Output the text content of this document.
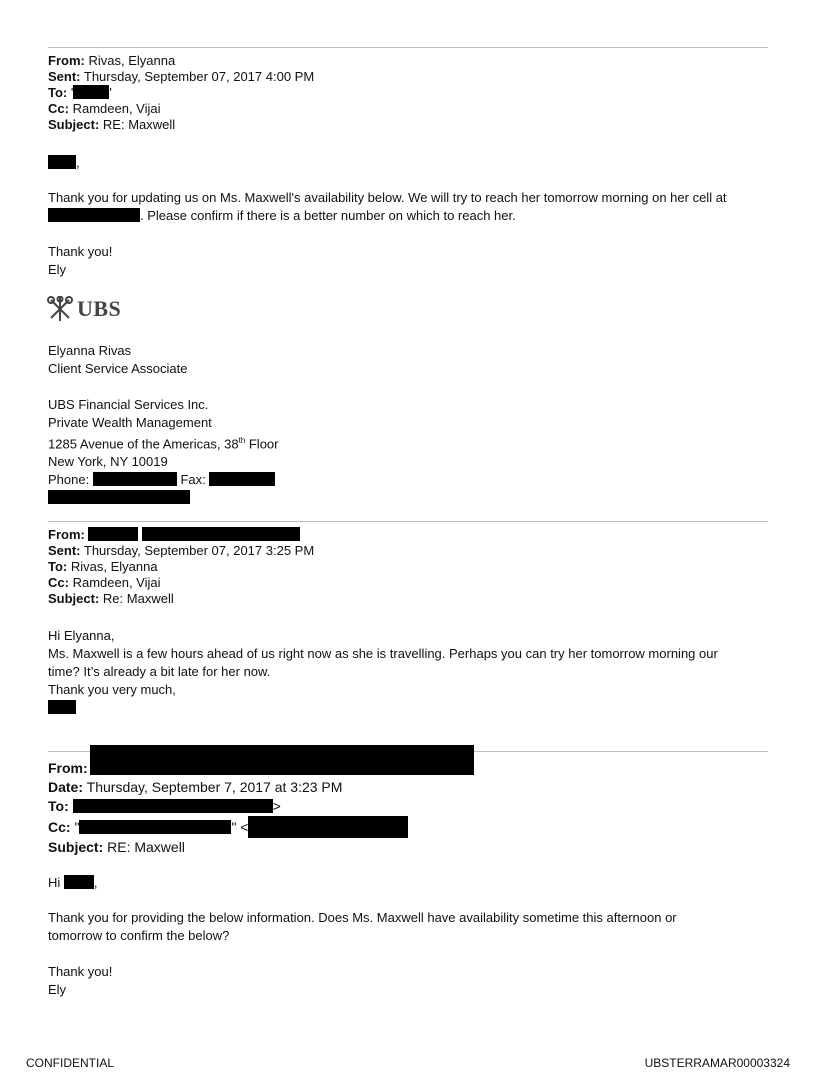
From: Rivas, Elyanna
Sent: Thursday, September 07, 2017 4:00 PM
To: '	'
Cc: Ramdeen, Vijai
Subject: RE: Maxwell
,
Thank you for updating us on Ms. Maxwell's availability below. We will try to reach her tomorrow morning on her cell at
. Please confirm if there is a better number on which to reach her.
Thank you!
Ely
UBS
Elyanna Rivas
Client Service Associate
UBS Financial Services Inc.
Private Wealth Management
1285 Avenue of the Americas, 38th Floor
New York, NY 10019
Phone:	Fax:
From:
Sent: Thursday, September 07, 2017 3:25 PM
To: Rivas, Elyanna
Cc: Ramdeen, Vijai
Subject: Re: Maxwell
Hi Elyanna,
Ms. Maxwell is a few hours ahead of us right now as she is travelling. Perhaps you can try her tomorrow morning our
time? It’s already a bit late for her now.
Thank you very much,
From:
Date: Thursday, September 7, 2017 at 3:23 PM
To:	>
Cc: "	" <
Subject: RE: Maxwell
Hi	,
Thank you for providing the below information. Does Ms. Maxwell have availability sometime this afternoon or
tomorrow to confirm the below?
Thank you!
Ely
CONFIDENTIAL	UBSTERRAMAR00003324
